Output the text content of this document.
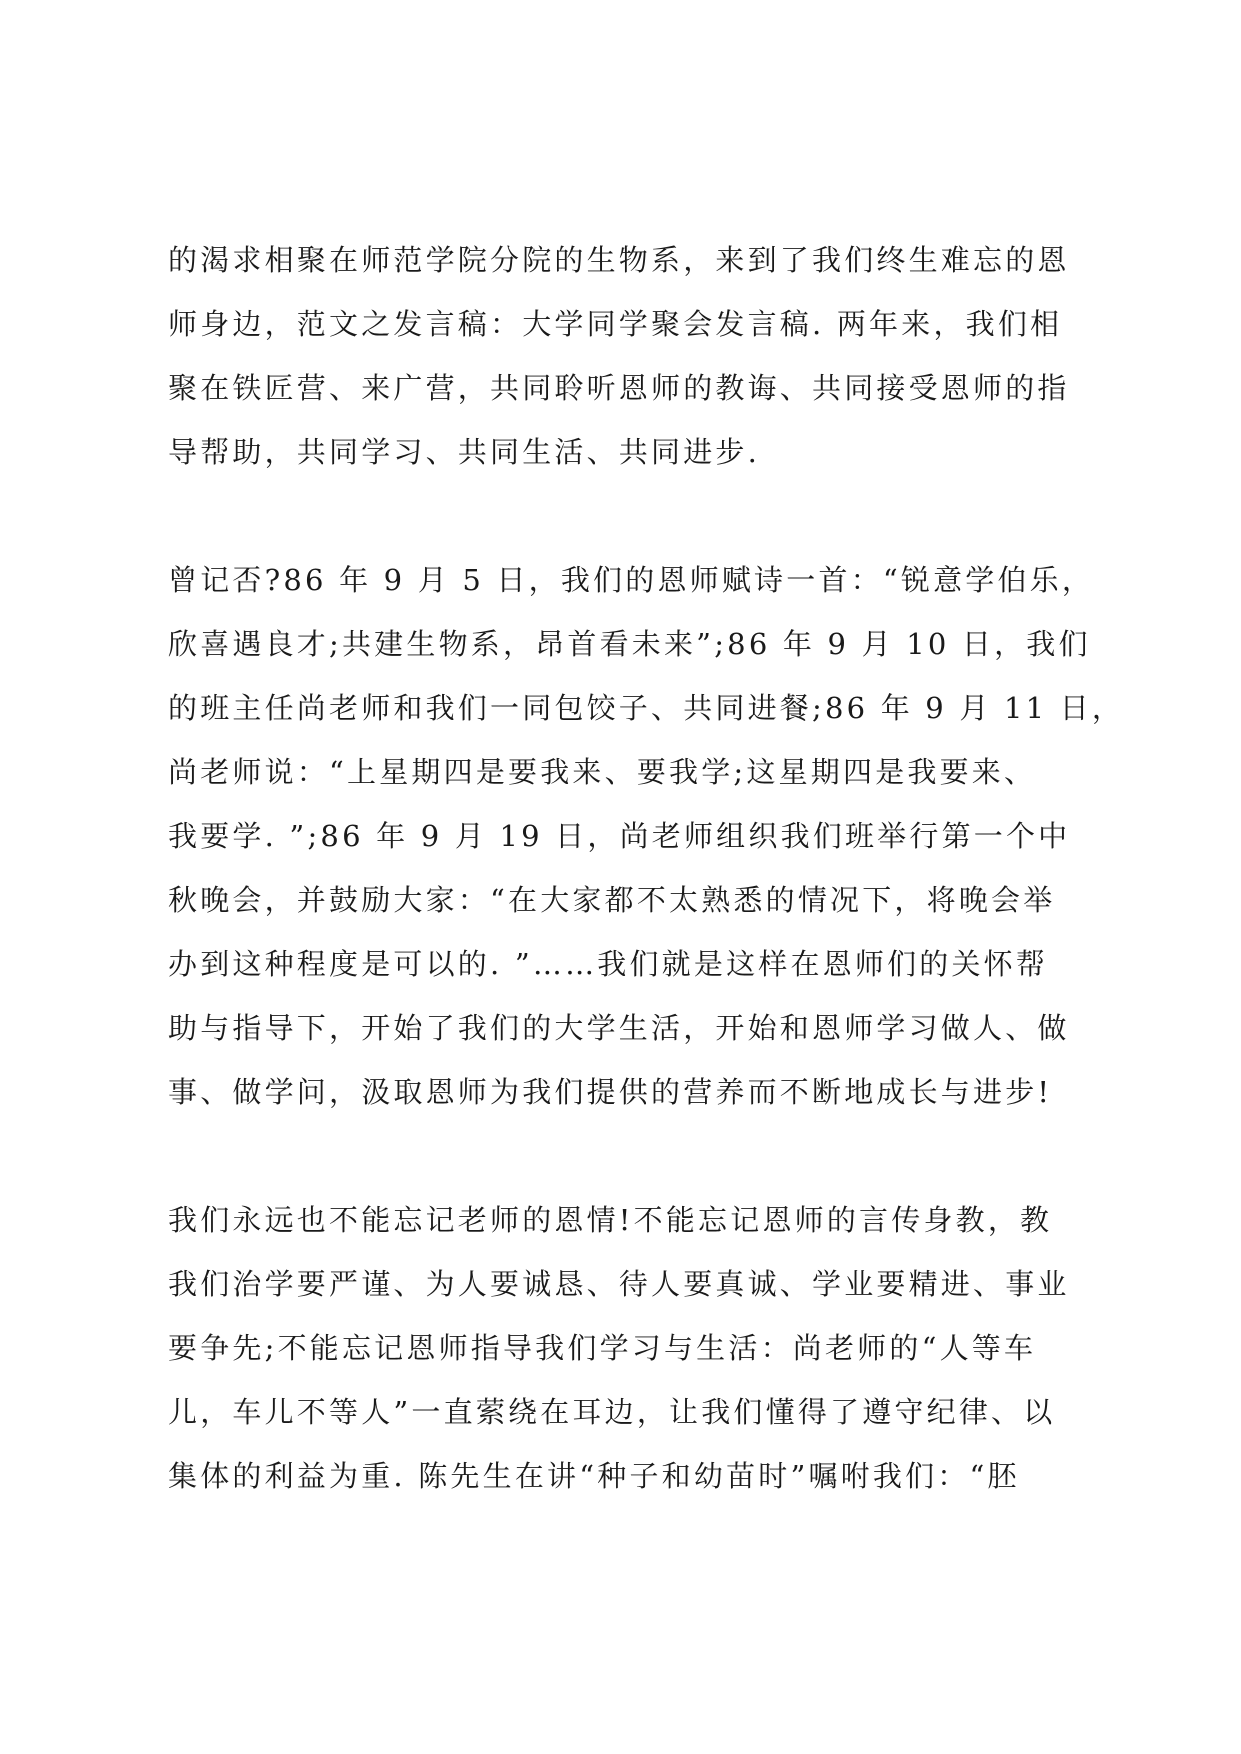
的渴求相聚在师范学院分院的生物系，来到了我们终生难忘的恩
师身边，范文之发言稿：大学同学聚会发言稿. 两年来，我们相
聚在铁匠营、来广营，共同聆听恩师的教诲、共同接受恩师的指
导帮助，共同学习、共同生活、共同进步.

曾记否?86 年 9 月 5 日，我们的恩师赋诗一首：“锐意学伯乐，
欣喜遇良才;共建生物系，昂首看未来”;86 年 9 月 10 日，我们
的班主任尚老师和我们一同包饺子、共同进餐;86 年 9 月 11 日，
尚老师说：“上星期四是要我来、要我学;这星期四是我要来、
我要学. ”;86 年 9 月 19 日，尚老师组织我们班举行第一个中
秋晚会，并鼓励大家：“在大家都不太熟悉的情况下，将晚会举
办到这种程度是可以的. ”……我们就是这样在恩师们的关怀帮
助与指导下，开始了我们的大学生活，开始和恩师学习做人、做
事、做学问，汲取恩师为我们提供的营养而不断地成长与进步!

我们永远也不能忘记老师的恩情!不能忘记恩师的言传身教，教
我们治学要严谨、为人要诚恳、待人要真诚、学业要精进、事业
要争先;不能忘记恩师指导我们学习与生活：尚老师的“人等车
儿，车儿不等人”一直萦绕在耳边，让我们懂得了遵守纪律、以
集体的利益为重. 陈先生在讲“种子和幼苗时”嘱咐我们：“胚
